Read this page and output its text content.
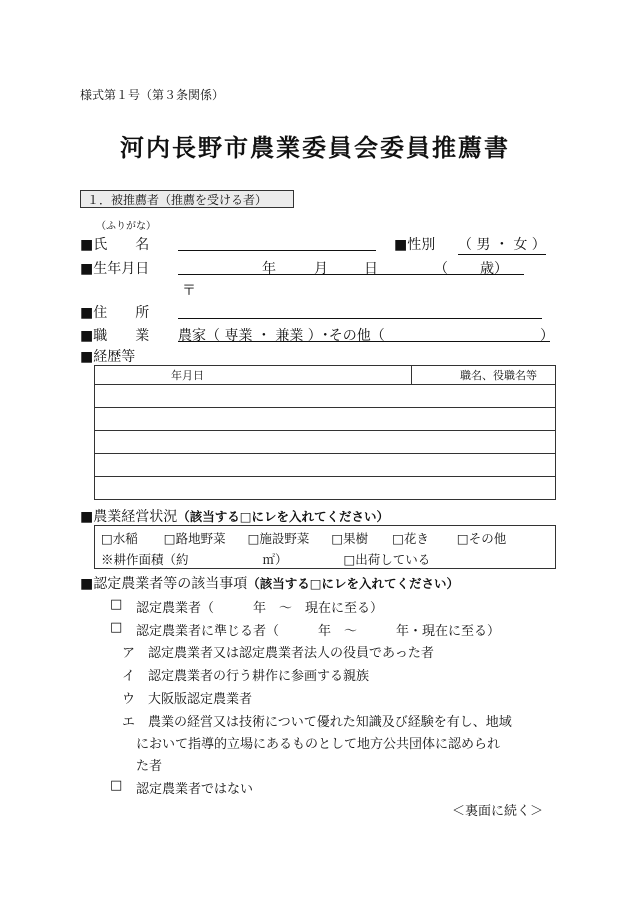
様式第１号（第３条関係）
河内長野市農業委員会委員推薦書
１．被推薦者（推薦を受ける者）
（ふりがな）
■氏　　名	■性別 （ 男 ・ 女 ）
■生年月日	年	月	日	（ 歳）
〒
■住　　所
■職　　業 農家（ 専業 ・ 兼業 ）･その他（	）
■経歴等
年月日	職名、役職名等

■農業経営状況（該当する□にレを入れてください）
□水稲 □路地野菜 □施設野菜 □果樹 □花き □その他
※耕作面積（約	㎡）	□出荷している
■認定農業者等の該当事項（該当する□にレを入れてください）
□ 認定農業者（　　　年　～　現在に至る）
□ 認定農業者に準じる者（　　　年　～　　　年・現在に至る）
ア 認定農業者又は認定農業者法人の役員であった者
イ 認定農業者の行う耕作に参画する親族
ウ 大阪版認定農業者
エ 農業の経営又は技術について優れた知識及び経験を有し、地域
において指導的立場にあるものとして地方公共団体に認められ
た者
□ 認定農業者ではない
＜裏面に続く＞
